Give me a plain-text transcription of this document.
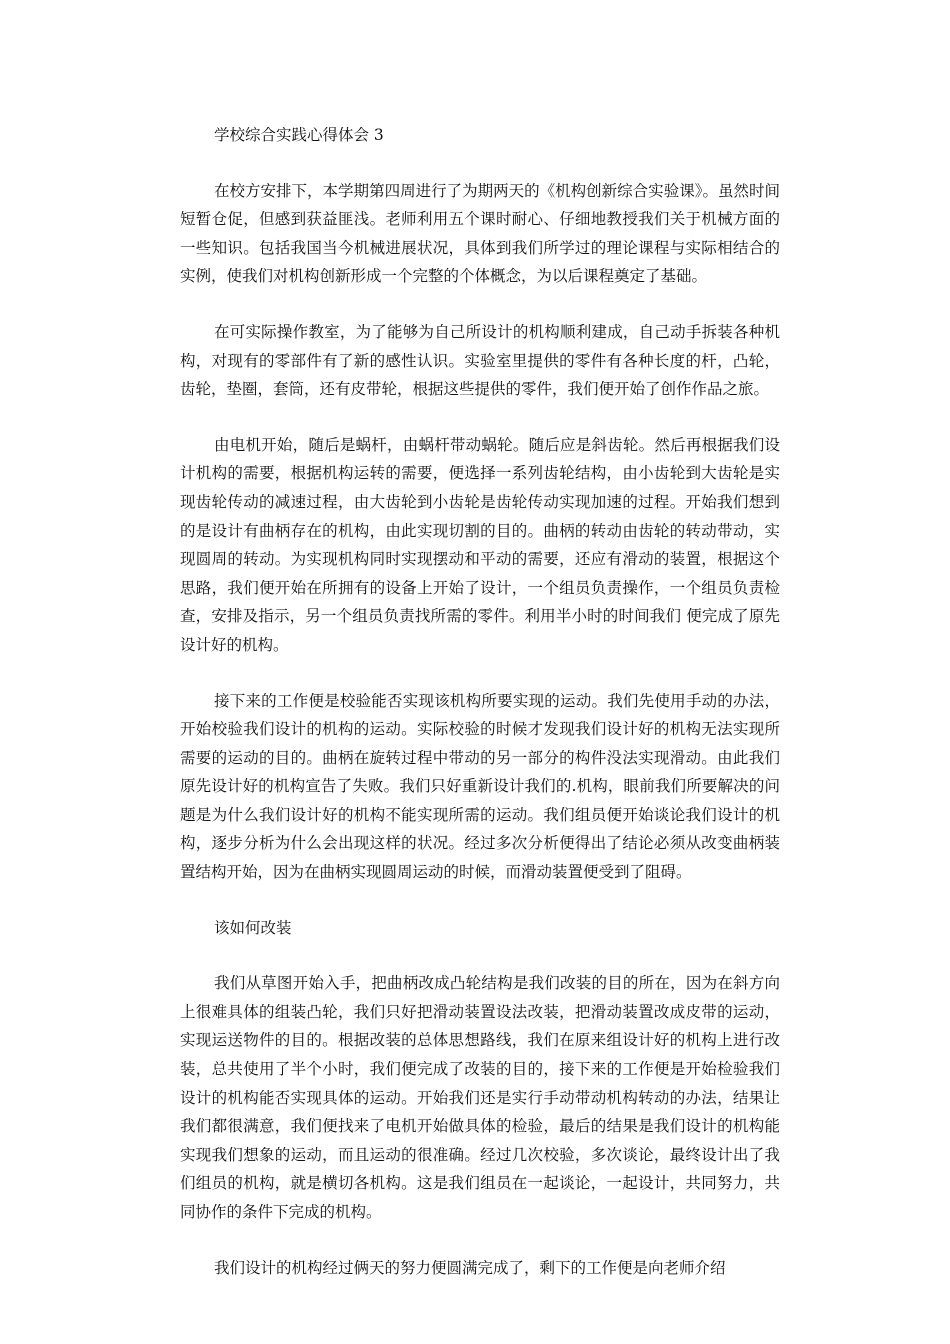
学校综合实践心得体会 3

在校方安排下，本学期第四周进行了为期两天的《机构创新综合实验课》。虽然时间短暂仓促，但感到获益匪浅。老师利用五个课时耐心、仔细地教授我们关于机械方面的一些知识。包括我国当今机械进展状况，具体到我们所学过的理论课程与实际相结合的实例，使我们对机构创新形成一个完整的个体概念，为以后课程奠定了基础。

在可实际操作教室，为了能够为自己所设计的机构顺利建成，自己动手拆装各种机构，对现有的零部件有了新的感性认识。实验室里提供的零件有各种长度的杆，凸轮，齿轮，垫圈，套筒，还有皮带轮，根据这些提供的零件，我们便开始了创作作品之旅。

由电机开始，随后是蜗杆，由蜗杆带动蜗轮。随后应是斜齿轮。然后再根据我们设计机构的需要，根据机构运转的需要，便选择一系列齿轮结构，由小齿轮到大齿轮是实现齿轮传动的减速过程，由大齿轮到小齿轮是齿轮传动实现加速的过程。开始我们想到的是设计有曲柄存在的机构，由此实现切割的目的。曲柄的转动由齿轮的转动带动，实现圆周的转动。为实现机构同时实现摆动和平动的需要，还应有滑动的装置，根据这个思路，我们便开始在所拥有的设备上开始了设计，一个组员负责操作，一个组员负责检查，安排及指示，另一个组员负责找所需的零件。利用半小时的时间我们 便完成了原先设计好的机构。

接下来的工作便是校验能否实现该机构所要实现的运动。我们先使用手动的办法，开始校验我们设计的机构的运动。实际校验的时候才发现我们设计好的机构无法实现所需要的运动的目的。曲柄在旋转过程中带动的另一部分的构件没法实现滑动。由此我们原先设计好的机构宣告了失败。我们只好重新设计我们的.机构，眼前我们所要解决的问题是为什么我们设计好的机构不能实现所需的运动。我们组员便开始谈论我们设计的机构，逐步分析为什么会出现这样的状况。经过多次分析便得出了结论必须从改变曲柄装置结构开始，因为在曲柄实现圆周运动的时候，而滑动装置便受到了阻碍。

该如何改装

我们从草图开始入手，把曲柄改成凸轮结构是我们改装的目的所在，因为在斜方向上很难具体的组装凸轮，我们只好把滑动装置设法改装，把滑动装置改成皮带的运动，实现运送物件的目的。根据改装的总体思想路线，我们在原来组设计好的机构上进行改装，总共使用了半个小时，我们便完成了改装的目的，接下来的工作便是开始检验我们设计的机构能否实现具体的运动。开始我们还是实行手动带动机构转动的办法，结果让我们都很满意，我们便找来了电机开始做具体的检验，最后的结果是我们设计的机构能实现我们想象的运动，而且运动的很准确。经过几次校验，多次谈论，最终设计出了我们组员的机构，就是横切各机构。这是我们组员在一起谈论，一起设计，共同努力，共同协作的条件下完成的机构。

我们设计的机构经过俩天的努力便圆满完成了，剩下的工作便是向老师介绍
